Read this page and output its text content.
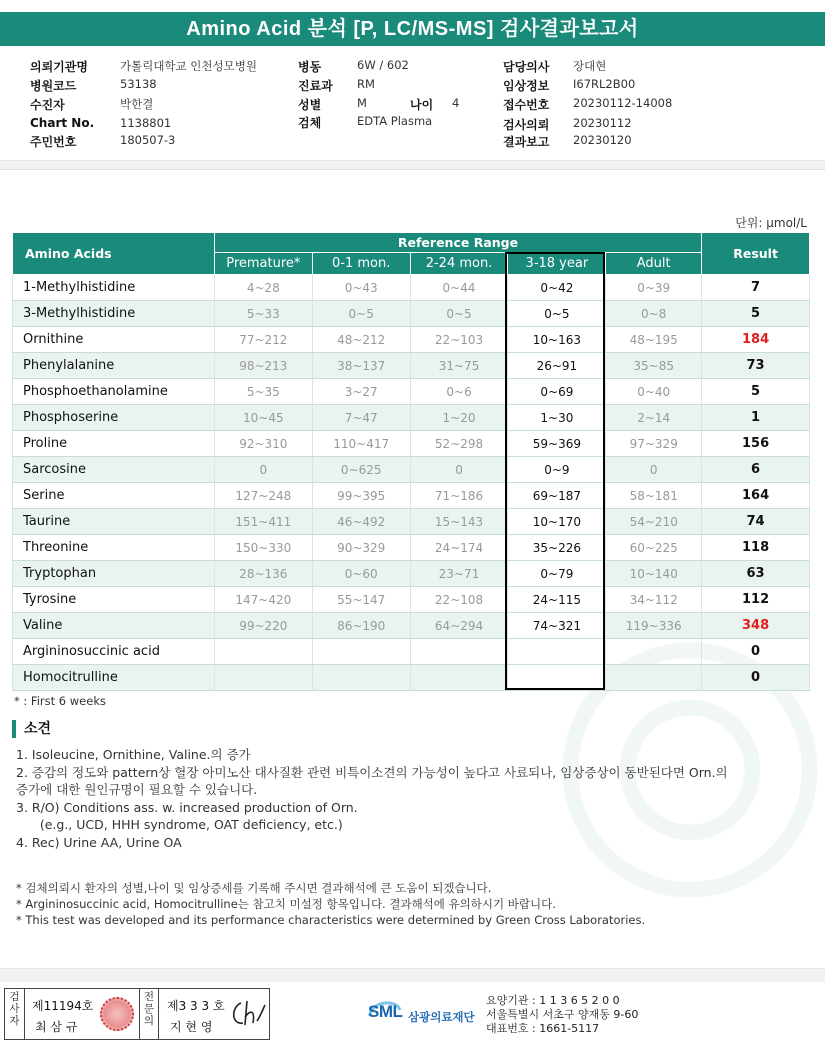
Amino Acid 분석 [P, LC/MS-MS] 검사결과보고서
의뢰기관명	가톨릭대학교 인천성모병원
병원코드	53138
수진자	박한결
Chart No. 1138801
주민번호	180507-3
병동	6W / 602
진료과 RM
성별	M	나이 4
검체	EDTA Plasma
담당의사 장대현
임상정보 I67RL2B00
접수번호 20230112-14008
검사의뢰 20230112
결과보고 20230120
단위: μmol/L
Amino Acids	Reference Range					Result
	Premature*	0-1 mon.	2-24 mon.	3-18 year	Adult	
1-Methylhistidine	4~28	0~43	0~44	0~42	0~39	7
3-Methylhistidine	5~33	0~5	0~5	0~5	0~8	5
Ornithine	77~212	48~212	22~103	10~163	48~195	184
Phenylalanine	98~213	38~137	31~75	26~91	35~85	73
Phosphoethanolamine	5~35	3~27	0~6	0~69	0~40	5
Phosphoserine	10~45	7~47	1~20	1~30	2~14	1
Proline	92~310	110~417	52~298	59~369	97~329	156
Sarcosine	0	0~625	0	0~9	0	6
Serine	127~248	99~395	71~186	69~187	58~181	164
Taurine	151~411	46~492	15~143	10~170	54~210	74
Threonine	150~330	90~329	24~174	35~226	60~225	118
Tryptophan	28~136	0~60	23~71	0~79	10~140	63
Tyrosine	147~420	55~147	22~108	24~115	34~112	112
Valine	99~220	86~190	64~294	74~321	119~336	348
Argininosuccinic acid						0
Homocitrulline						0
* : First 6 weeks
소견
1. Isoleucine, Ornithine, Valine.의 증가
2. 증감의 정도와 pattern상 혈장 아미노산 대사질환 관련 비특이소견의 가능성이 높다고 사료되나, 임상증상이 동반된다면 Orn.의
증가에 대한 원인규명이 필요할 수 있습니다.
3. R/O) Conditions ass. w. increased production of Orn.
(e.g., UCD, HHH syndrome, OAT deficiency, etc.)
4. Rec) Urine AA, Urine OA
* 검체의뢰시 환자의 성별,나이 및 임상증세를 기록해 주시면 결과해석에 큰 도움이 되겠습니다.
* Argininosuccinic acid, Homocitrulline는 참고치 미설정 항목입니다. 결과해석에 유의하시기 바랍니다.
* This test was developed and its performance characteristics were determined by Green Cross Laboratories.
검사자
제11194호
최 삼 규
전문의
제3 3 3 호
지 현 영
SML 삼광의료재단
요양기관 : 1 1 3 6 5 2 0 0
서울특별시 서초구 양재동 9-60
대표번호 : 1661-5117
